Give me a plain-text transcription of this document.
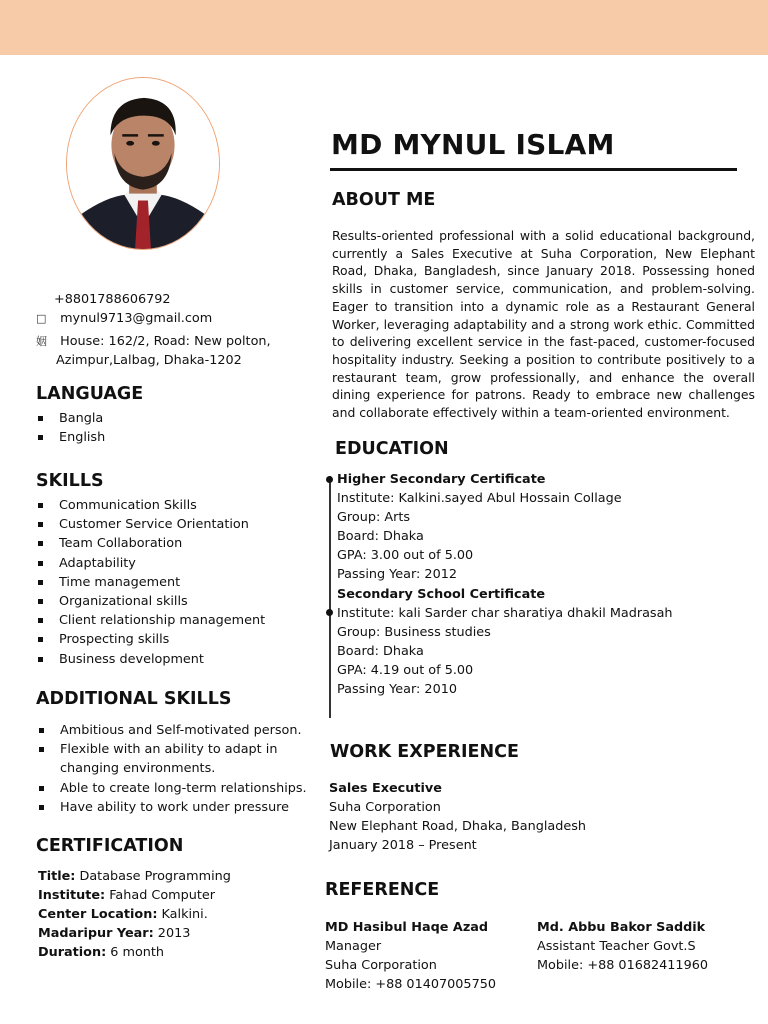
MD MYNUL ISLAM
+8801788606792
□ mynul9713@gmail.com
姻 House: 162/2, Road: New polton,
Azimpur,Lalbag, Dhaka-1202
LANGUAGE
Bangla
English
SKILLS
Communication Skills
Customer Service Orientation
Team Collaboration
Adaptability
Time management
Organizational skills
Client relationship management
Prospecting skills
Business development
ADDITIONAL SKILLS
Ambitious and Self-motivated person.
Flexible with an ability to adapt in changing environments.
Able to create long-term relationships.
Have ability to work under pressure
CERTIFICATION
Title: Database Programming
Institute: Fahad Computer
Center Location: Kalkini.
Madaripur Year: 2013
Duration: 6 month
ABOUT ME
Results-oriented professional with a solid educational background, currently a Sales Executive at Suha Corporation, New Elephant Road, Dhaka, Bangladesh, since January 2018. Possessing honed skills in customer service, communication, and problem-solving. Eager to transition into a dynamic role as a Restaurant General Worker, leveraging adaptability and a strong work ethic. Committed to delivering excellent service in the fast-paced, customer-focused hospitality industry. Seeking a position to contribute positively to a restaurant team, grow professionally, and enhance the overall dining experience for patrons. Ready to embrace new challenges and collaborate effectively within a team-oriented environment.
EDUCATION
Higher Secondary Certificate
Institute: Kalkini.sayed Abul Hossain Collage
Group: Arts
Board: Dhaka
GPA: 3.00 out of 5.00
Passing Year: 2012
Secondary School Certificate
Institute: kali Sarder char sharatiya dhakil Madrasah
Group: Business studies
Board: Dhaka
GPA: 4.19 out of 5.00
Passing Year: 2010
WORK EXPERIENCE
Sales Executive
Suha Corporation
New Elephant Road, Dhaka, Bangladesh
January 2018 – Present
REFERENCE
MD Hasibul Haqe Azad
Manager
Suha Corporation
Mobile: +88 01407005750
Md. Abbu Bakor Saddik
Assistant Teacher Govt.S
Mobile: +88 01682411960
